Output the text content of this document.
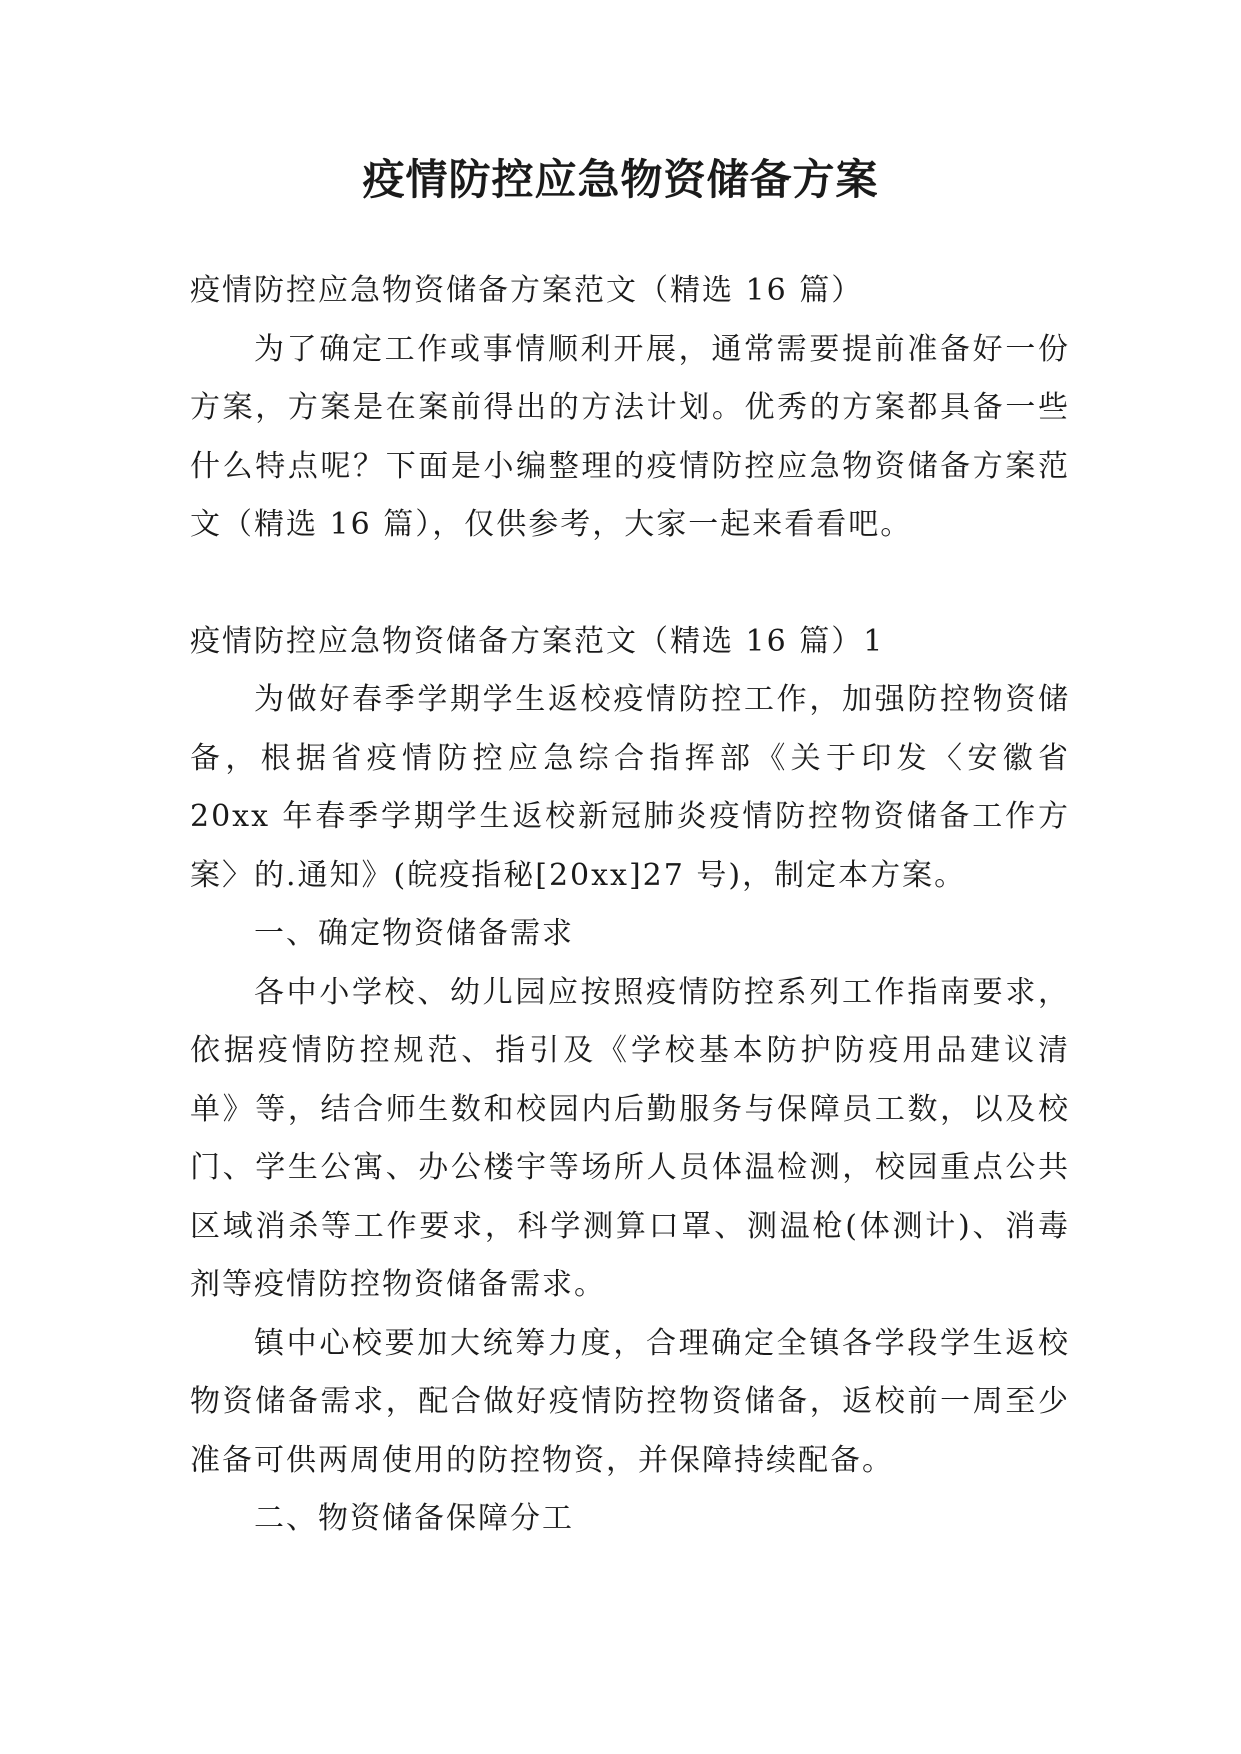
疫情防控应急物资储备方案

疫情防控应急物资储备方案范文（精选 16 篇）

为了确定工作或事情顺利开展，通常需要提前准备好一份方案，方案是在案前得出的方法计划。优秀的方案都具备一些什么特点呢？下面是小编整理的疫情防控应急物资储备方案范文（精选 16 篇），仅供参考，大家一起来看看吧。

疫情防控应急物资储备方案范文（精选 16 篇）1

为做好春季学期学生返校疫情防控工作，加强防控物资储备，根据省疫情防控应急综合指挥部《关于印发〈安徽省 20xx 年春季学期学生返校新冠肺炎疫情防控物资储备工作方案〉的.通知》(皖疫指秘[20xx]27 号)，制定本方案。

一、确定物资储备需求

各中小学校、幼儿园应按照疫情防控系列工作指南要求，依据疫情防控规范、指引及《学校基本防护防疫用品建议清单》等，结合师生数和校园内后勤服务与保障员工数，以及校门、学生公寓、办公楼宇等场所人员体温检测，校园重点公共区域消杀等工作要求，科学测算口罩、测温枪(体测计)、消毒剂等疫情防控物资储备需求。

镇中心校要加大统筹力度，合理确定全镇各学段学生返校物资储备需求，配合做好疫情防控物资储备，返校前一周至少准备可供两周使用的防控物资，并保障持续配备。

二、物资储备保障分工
